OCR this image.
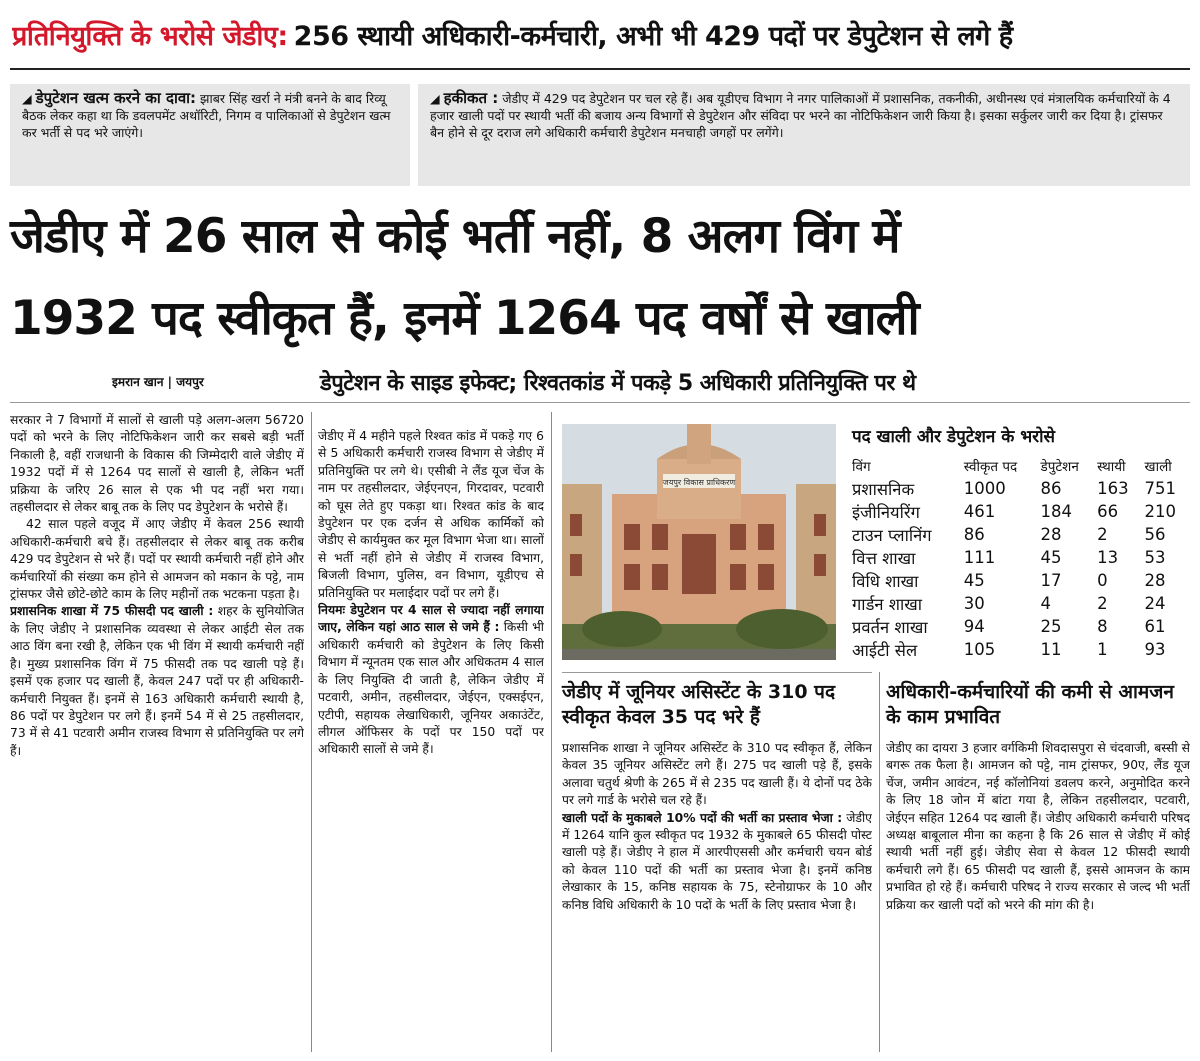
प्रतिनियुक्ति के भरोसे जेडीए: 256 स्थायी अधिकारी-कर्मचारी, अभी भी 429 पदों पर डेपुटेशन से लगे हैं
◢ डेपुटेशन खत्म करने का दावा: झाबर सिंह खर्रा ने मंत्री बनने के बाद रिव्यू बैठक लेकर कहा था कि डवलपमेंट अथॉरिटी, निगम व पालिकाओं से डेपुटेशन खत्म कर भर्ती से पद भरे जाएंगे।
◢ हकीकत : जेडीए में 429 पद डेपुटेशन पर चल रहे हैं। अब यूडीएच विभाग ने नगर पालिकाओं में प्रशासनिक, तकनीकी, अधीनस्थ एवं मंत्रालयिक कर्मचारियों के 4 हजार खाली पदों पर स्थायी भर्ती की बजाय अन्य विभागों से डेपुटेशन और संविदा पर भरने का नोटिफिकेशन जारी किया है। इसका सर्कुलर जारी कर दिया है। ट्रांसफर बैन होने से दूर दराज लगे अधिकारी कर्मचारी डेपुटेशन मनचाही जगहों पर लगेंगे।
जेडीए में 26 साल से कोई भर्ती नहीं, 8 अलग विंग में
1932 पद स्वीकृत हैं, इनमें 1264 पद वर्षों से खाली
इमरान खान | जयपुर	डेपुटेशन के साइड इफेक्ट; रिश्वतकांड में पकड़े 5 अधिकारी प्रतिनियुक्ति पर थे

सरकार ने 7 विभागों में सालों से खाली पड़े अलग-अलग 56720 पदों को भरने के लिए नोटिफिकेशन जारी कर सबसे बड़ी भर्ती निकाली है, वहीं राजधानी के विकास की जिम्मेदारी वाले जेडीए में 1932 पदों में से 1264 पद सालों से खाली है, लेकिन भर्ती प्रक्रिया के जरिए 26 साल से एक भी पद नहीं भरा गया। तहसीलदार से लेकर बाबू तक के लिए पद डेपुटेशन के भरोसे हैं।

42 साल पहले वजूद में आए जेडीए में केवल 256 स्थायी अधिकारी-कर्मचारी बचे हैं। तहसीलदार से लेकर बाबू तक करीब 429 पद डेपुटेशन से भरे हैं। पदों पर स्थायी कर्मचारी नहीं होने और कर्मचारियों की संख्या कम होने से आमजन को मकान के पट्टे, नाम ट्रांसफर जैसे छोटे-छोटे काम के लिए महीनों तक भटकना पड़ता है।

प्रशासनिक शाखा में 75 फीसदी पद खाली : शहर के सुनियोजित के लिए जेडीए ने प्रशासनिक व्यवस्था से लेकर आईटी सेल तक आठ विंग बना रखी है, लेकिन एक भी विंग में स्थायी कर्मचारी नहीं है। मुख्य प्रशासनिक विंग में 75 फीसदी तक पद खाली पड़े हैं। इसमें एक हजार पद खाली हैं, केवल 247 पदों पर ही अधिकारी-कर्मचारी नियुक्त हैं। इनमें से 163 अधिकारी कर्मचारी स्थायी है, 86 पदों पर डेपुटेशन पर लगे हैं। इनमें 54 में से 25 तहसीलदार, 73 में से 41 पटवारी अमीन राजस्व विभाग से प्रतिनियुक्ति पर लगे हैं।

जेडीए में 4 महीने पहले रिश्वत कांड में पकड़े गए 6 से 5 अधिकारी कर्मचारी राजस्व विभाग से जेडीए में प्रतिनियुक्ति पर लगे थे। एसीबी ने लैंड यूज चेंज के नाम पर तहसीलदार, जेईएनएन, गिरदावर, पटवारी को घूस लेते हुए पकड़ा था। रिश्वत कांड के बाद डेपुटेशन पर एक दर्जन से अधिक कार्मिकों को जेडीए से कार्यमुक्त कर मूल विभाग भेजा था। सालों से भर्ती नहीं होने से जेडीए में राजस्व विभाग, बिजली विभाग, पुलिस, वन विभाग, यूडीएच से प्रतिनियुक्ति पर मलाईदार पदों पर लगे हैं।

नियमः डेपुटेशन पर 4 साल से ज्यादा नहीं लगाया जाए, लेकिन यहां आठ साल से जमे हैं : किसी भी अधिकारी कर्मचारी को डेपुटेशन के लिए किसी विभाग में न्यूनतम एक साल और अधिकतम 4 साल के लिए नियुक्ति दी जाती है, लेकिन जेडीए में पटवारी, अमीन, तहसीलदार, जेईएन, एक्सईएन, एटीपी, सहायक लेखाधिकारी, जूनियर अकाउंटेंट, लीगल ऑफिसर के पदों पर 150 पदों पर अधिकारी सालों से जमे हैं।

जयपुर विकास प्राधिकरण
पद खाली और डेपुटेशन के भरोसे
विंग	स्वीकृत पद	डेपुटेशन	स्थायी	खाली
प्रशासनिक	1000	86	163	751
इंजीनियरिंग	461	184	66	210
टाउन प्लानिंग	86	28	2	56
वित्त शाखा	111	45	13	53
विधि शाखा	45	17	0	28
गार्डन शाखा	30	4	2	24
प्रवर्तन शाखा	94	25	8	61
आईटी सेल	105	11	1	93
जेडीए में जूनियर असिस्टेंट के 310 पद स्वीकृत केवल 35 पद भरे हैं

प्रशासनिक शाखा ने जूनियर असिस्टेंट के 310 पद स्वीकृत हैं, लेकिन केवल 35 जूनियर असिस्टेंट लगे हैं। 275 पद खाली पड़े हैं, इसके अलावा चतुर्थ श्रेणी के 265 में से 235 पद खाली हैं। ये दोनों पद ठेके पर लगे गार्ड के भरोसे चल रहे हैं।

खाली पदों के मुकाबले 10% पदों की भर्ती का प्रस्ताव भेजा : जेडीए में 1264 यानि कुल स्वीकृत पद 1932 के मुकाबले 65 फीसदी पोस्ट खाली पड़े हैं। जेडीए ने हाल में आरपीएससी और कर्मचारी चयन बोर्ड को केवल 110 पदों की भर्ती का प्रस्ताव भेजा है। इनमें कनिष्ठ लेखाकार के 15, कनिष्ठ सहायक के 75, स्टेनोग्राफर के 10 और कनिष्ठ विधि अधिकारी के 10 पदों के भर्ती के लिए प्रस्ताव भेजा है।

अधिकारी-कर्मचारियों की कमी से आमजन के काम प्रभावित

जेडीए का दायरा 3 हजार वर्गकिमी शिवदासपुरा से चंदवाजी, बस्सी से बगरू तक फैला है। आमजन को पट्टे, नाम ट्रांसफर, 90ए, लैंड यूज चेंज, जमीन आवंटन, नई कॉलोनियां डवलप करने, अनुमोदित करने के लिए 18 जोन में बांटा गया है, लेकिन तहसीलदार, पटवारी, जेईएन सहित 1264 पद खाली हैं। जेडीए अधिकारी कर्मचारी परिषद अध्यक्ष बाबूलाल मीना का कहना है कि 26 साल से जेडीए में कोई स्थायी भर्ती नहीं हुई। जेडीए सेवा से केवल 12 फीसदी स्थायी कर्मचारी लगे हैं। 65 फीसदी पद खाली हैं, इससे आमजन के काम प्रभावित हो रहे हैं। कर्मचारी परिषद ने राज्य सरकार से जल्द भी भर्ती प्रक्रिया कर खाली पदों को भरने की मांग की है।
